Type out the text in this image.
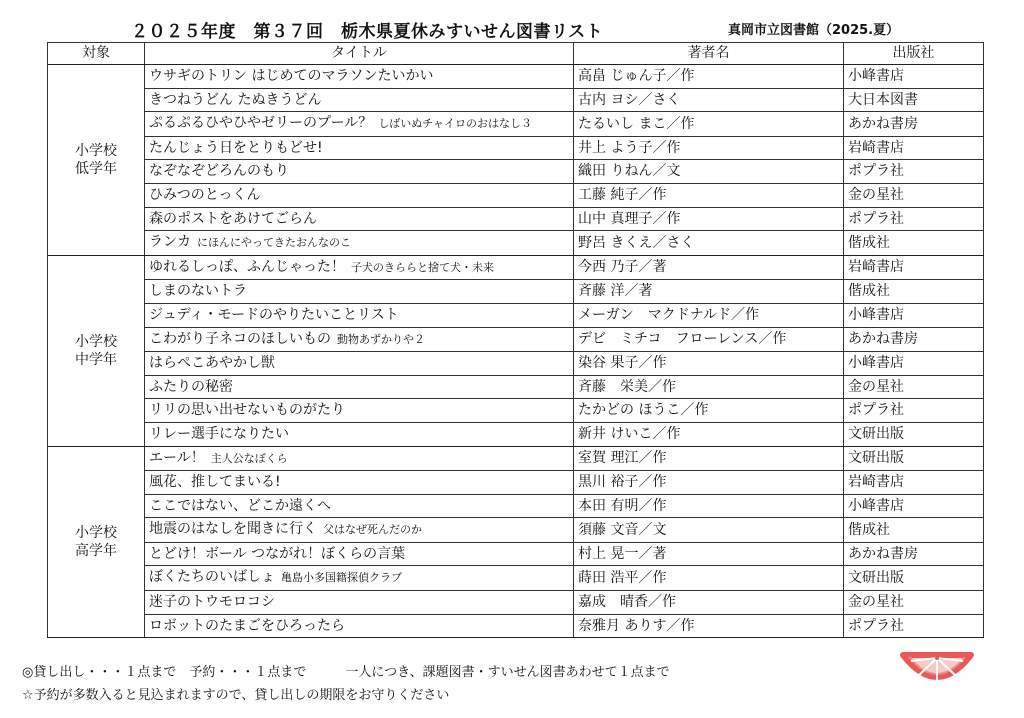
２０２５年度　第３７回　栃木県夏休みすいせん図書リスト	真岡市立図書館（2025.夏）
対象	タイトル	著者名	出版社

小学校
低学年	ウサギのトリン はじめてのマラソンたいかい	高畠 じゅん子／作	小峰書店
	きつねうどん たぬきうどん	古内 ヨシ／さく	大日本図書
	ぷるぷるひやひやゼリーのプール？ しばいぬチャイロのおはなし３	たるいし まこ／作	あかね書房
	たんじょう日をとりもどせ!	井上 よう子／作	岩崎書店
	なぞなぞどろんのもり	織田 りねん／文	ポプラ社
	ひみつのとっくん	工藤 純子／作	金の星社
	森のポストをあけてごらん	山中 真理子／作	ポプラ社
	ランカ にほんにやってきたおんなのこ	野呂 きくえ／さく	偕成社

小学校
中学年	ゆれるしっぽ、ふんじゃった！ 子犬のきららと捨て犬・未来	今西 乃子／著	岩崎書店
	しまのないトラ	斉藤 洋／著	偕成社
	ジュディ・モードのやりたいことリスト	メーガン　マクドナルド／作	小峰書店
	こわがり子ネコのほしいもの 動物あずかりや２	デビ　ミチコ　フローレンス／作	あかね書房
	はらぺこあやかし獣	染谷 果子／作	小峰書店
	ふたりの秘密	斉藤　栄美／作	金の星社
	リリの思い出せないものがたり	たかどの ほうこ／作	ポプラ社
	リレー選手になりたい	新井 けいこ／作	文研出版

小学校
高学年	エール！ 主人公なぼくら	室賀 理江／作	文研出版
	風花、推してまいる!	黒川 裕子／作	岩崎書店
	ここではない、どこか遠くへ	本田 有明／作	小峰書店
	地震のはなしを聞きに行く 父はなぜ死んだのか	須藤 文音／文	偕成社
	とどけ！ボール つながれ！ぼくらの言葉	村上 晃一／著	あかね書房
	ぼくたちのいばしょ 亀島小多国籍探偵クラブ	蒔田 浩平／作	文研出版
	迷子のトウモロコシ	嘉成　晴香／作	金の星社
	ロボットのたまごをひろったら	奈雅月 ありす／作	ポプラ社
◎貸し出し・・・１点まで　予約・・・１点まで　　　一人につき、課題図書・すいせん図書あわせて１点まで
☆予約が多数入ると見込まれますので、貸し出しの期限をお守りください
